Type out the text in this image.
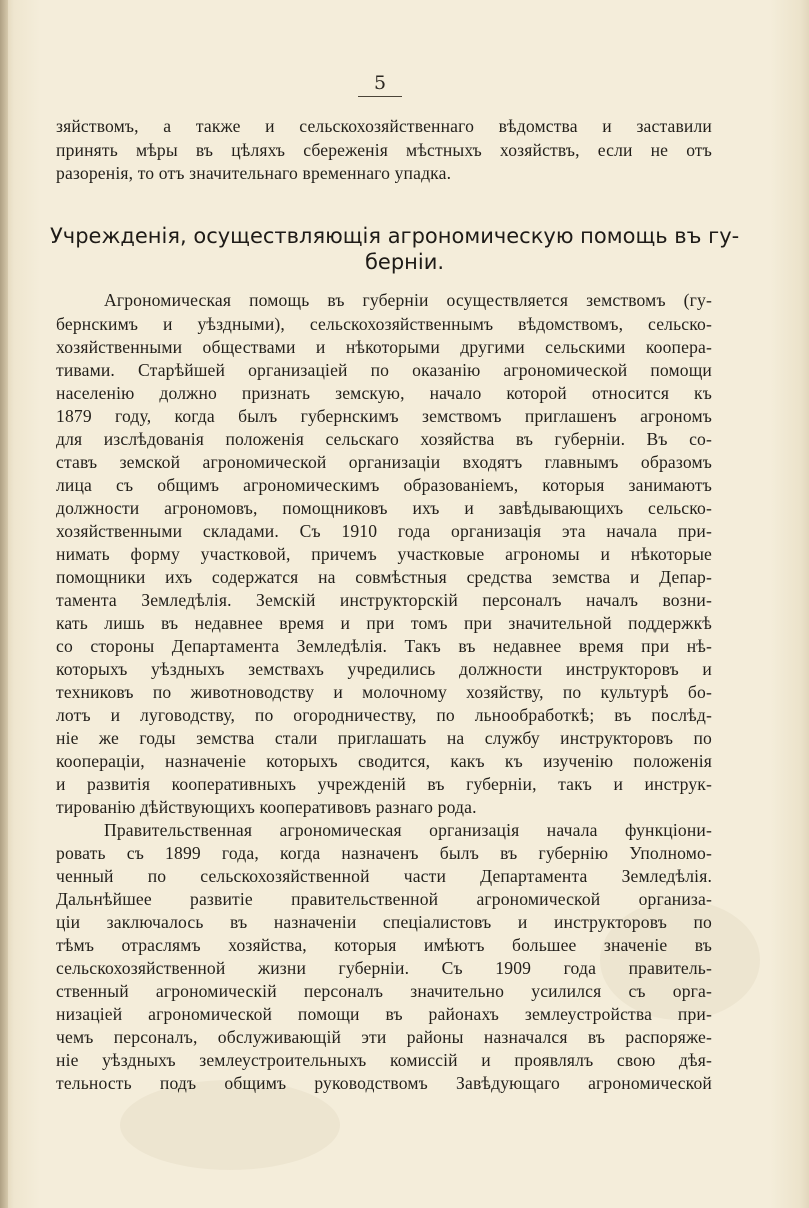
5
зяйствомъ, а также и сельскохозяйственнаго вѣдомства и заставили
принять мѣры въ цѣляхъ сбереженія мѣстныхъ хозяйствъ, если не отъ
разоренія, то отъ значительнаго временнаго упадка.
Учрежденія, осуществляющія агрономическую помощь въ гу-
берніи.
Агрономическая помощь въ губерніи осуществляется земствомъ (гу-
бернскимъ и уѣздными), сельскохозяйственнымъ вѣдомствомъ, сельско-
хозяйственными обществами и нѣкоторыми другими сельскими коопера-
тивами. Старѣйшей организаціей по оказанію агрономической помощи
населенію должно признать земскую, начало которой относится къ
1879 году, когда былъ губернскимъ земствомъ приглашенъ агрономъ
для изслѣдованія положенія сельскаго хозяйства въ губерніи. Въ со-
ставъ земской агрономической организаціи входятъ главнымъ образомъ
лица съ общимъ агрономическимъ образованіемъ, которыя занимаютъ
должности агрономовъ, помощниковъ ихъ и завѣдывающихъ сельско-
хозяйственными складами. Съ 1910 года организація эта начала при-
нимать форму участковой, причемъ участковые агрономы и нѣкоторые
помощники ихъ содержатся на совмѣстныя средства земства и Депар-
тамента Земледѣлія. Земскій инструкторскій персоналъ началъ возни-
кать лишь въ недавнее время и при томъ при значительной поддержкѣ
со стороны Департамента Земледѣлія. Такъ въ недавнее время при нѣ-
которыхъ уѣздныхъ земствахъ учредились должности инструкторовъ и
техниковъ по животноводству и молочному хозяйству, по культурѣ бо-
лотъ и луговодству, по огородничеству, по льнообработкѣ; въ послѣд-
ніе же годы земства стали приглашать на службу инструкторовъ по
коопераціи, назначеніе которыхъ сводится, какъ къ изученію положенія
и развитія кооперативныхъ учрежденій въ губерніи, такъ и инструк-
тированію дѣйствующихъ кооперативовъ разнаго рода.
Правительственная агрономическая организація начала функціони-
ровать съ 1899 года, когда назначенъ былъ въ губернію Уполномо-
ченный по сельскохозяйственной части Департамента Земледѣлія.
Дальнѣйшее развитіе правительственной агрономической организа-
ціи заключалось въ назначеніи спеціалистовъ и инструкторовъ по
тѣмъ отраслямъ хозяйства, которыя имѣютъ большее значеніе въ
сельскохозяйственной жизни губерніи. Съ 1909 года правитель-
ственный агрономическій персоналъ значительно усилился съ орга-
низаціей агрономической помощи въ районахъ землеустройства при-
чемъ персоналъ, обслуживающій эти районы назначался въ распоряже-
ніе уѣздныхъ землеустроительныхъ комиссій и проявлялъ свою дѣя-
тельность подъ общимъ руководствомъ Завѣдующаго агрономической
